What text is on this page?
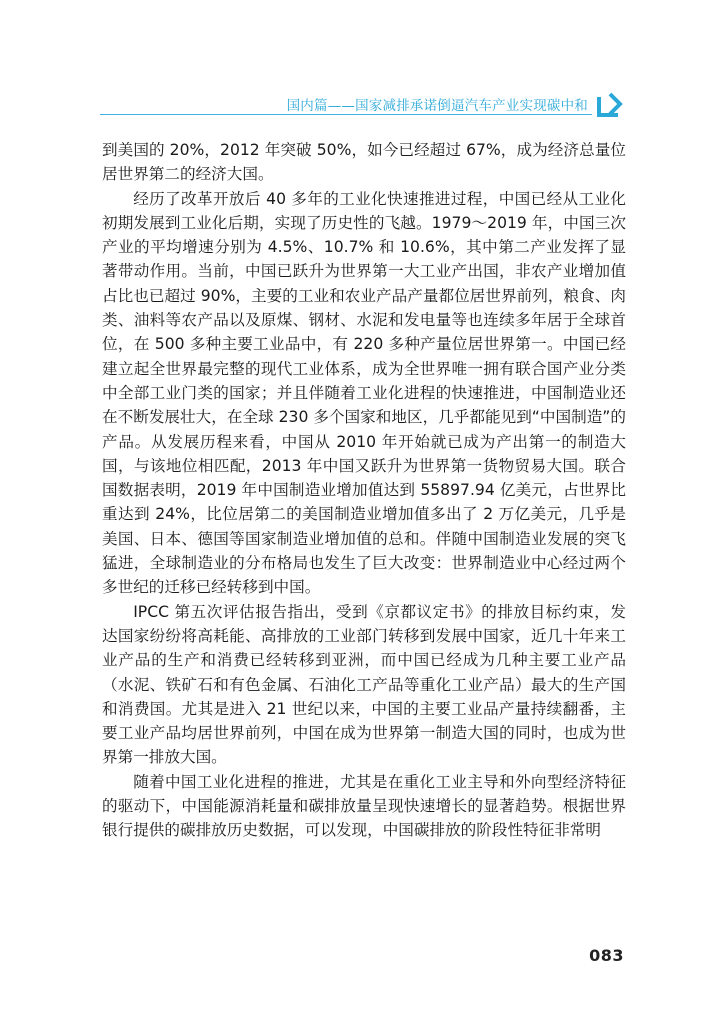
国内篇——国家减排承诺倒逼汽车产业实现碳中和

到美国的 20%，2012 年突破 50%，如今已经超过 67%，成为经济总量位居世界第二的经济大国。

经历了改革开放后 40 多年的工业化快速推进过程，中国已经从工业化初期发展到工业化后期，实现了历史性的飞越。1979～2019 年，中国三次产业的平均增速分别为 4.5%、10.7% 和 10.6%，其中第二产业发挥了显著带动作用。当前，中国已跃升为世界第一大工业产出国，非农产业增加值占比也已超过 90%，主要的工业和农业产品产量都位居世界前列，粮食、肉类、油料等农产品以及原煤、钢材、水泥和发电量等也连续多年居于全球首位，在 500 多种主要工业品中，有 220 多种产量位居世界第一。中国已经建立起全世界最完整的现代工业体系，成为全世界唯一拥有联合国产业分类中全部工业门类的国家；并且伴随着工业化进程的快速推进，中国制造业还在不断发展壮大，在全球 230 多个国家和地区，几乎都能见到“中国制造”的产品。从发展历程来看，中国从 2010 年开始就已成为产出第一的制造大国，与该地位相匹配，2013 年中国又跃升为世界第一货物贸易大国。联合国数据表明，2019 年中国制造业增加值达到 55897.94 亿美元，占世界比重达到 24%，比位居第二的美国制造业增加值多出了 2 万亿美元，几乎是美国、日本、德国等国家制造业增加值的总和。伴随中国制造业发展的突飞猛进，全球制造业的分布格局也发生了巨大改变：世界制造业中心经过两个多世纪的迁移已经转移到中国。

IPCC 第五次评估报告指出，受到《京都议定书》的排放目标约束，发达国家纷纷将高耗能、高排放的工业部门转移到发展中国家，近几十年来工业产品的生产和消费已经转移到亚洲，而中国已经成为几种主要工业产品（水泥、铁矿石和有色金属、石油化工产品等重化工业产品）最大的生产国和消费国。尤其是进入 21 世纪以来，中国的主要工业品产量持续翻番，主要工业产品均居世界前列，中国在成为世界第一制造大国的同时，也成为世界第一排放大国。

随着中国工业化进程的推进，尤其是在重化工业主导和外向型经济特征的驱动下，中国能源消耗量和碳排放量呈现快速增长的显著趋势。根据世界银行提供的碳排放历史数据，可以发现，中国碳排放的阶段性特征非常明

083
